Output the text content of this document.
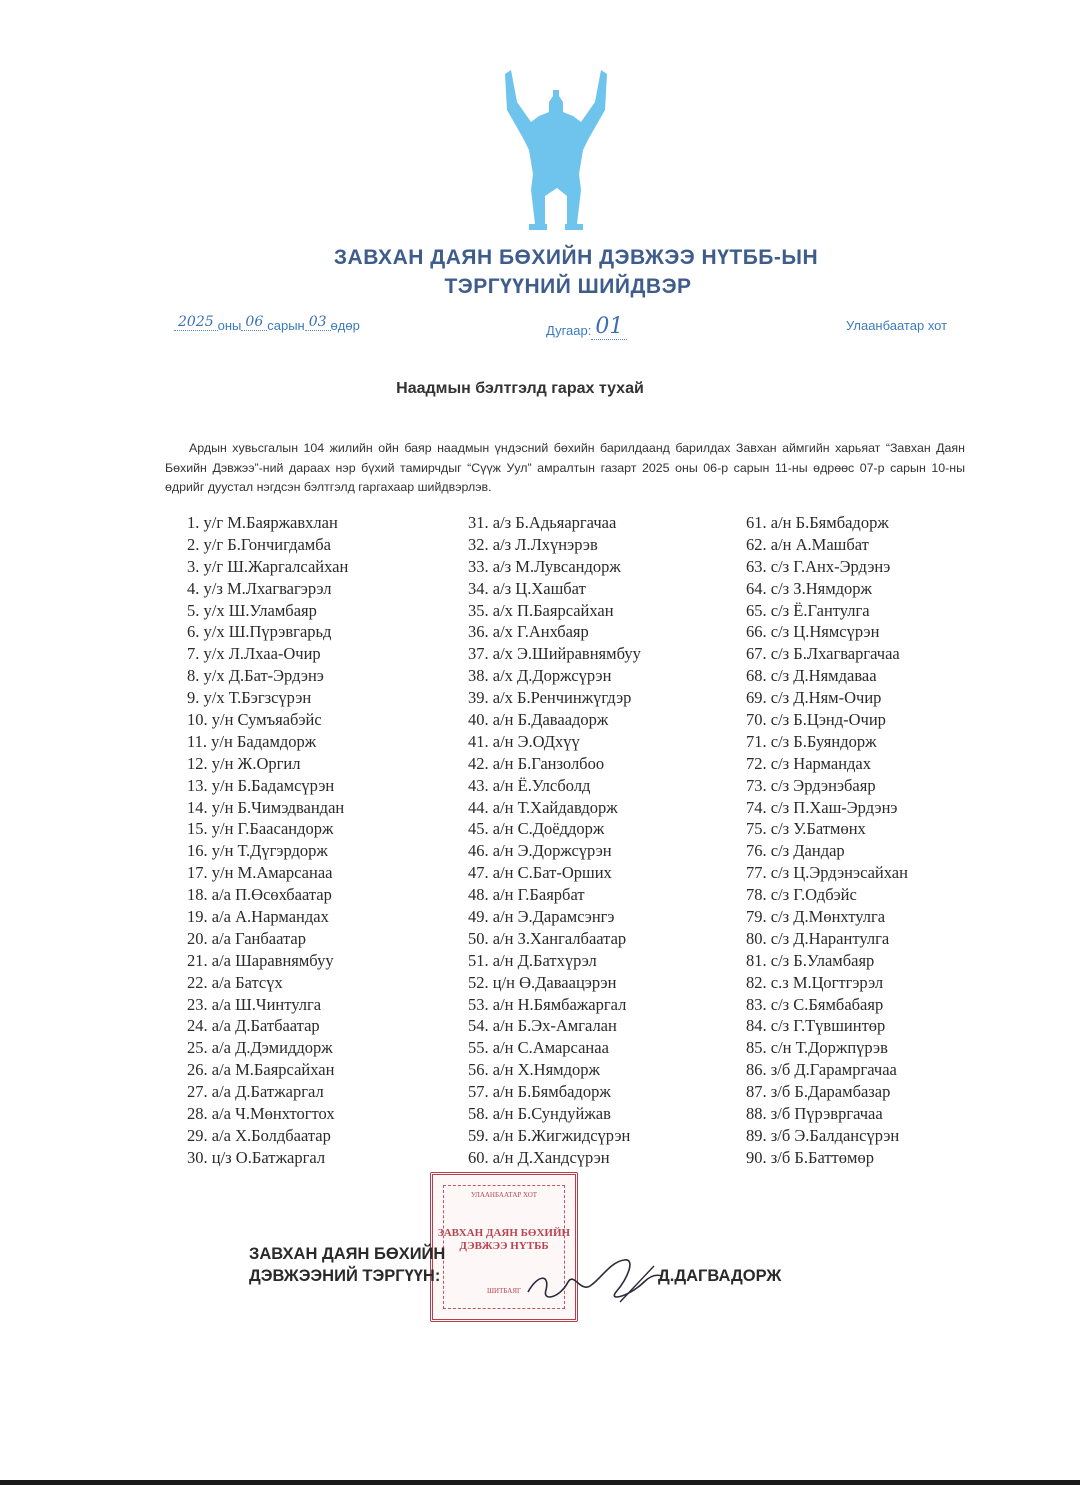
ЗАВХАН ДАЯН БӨХИЙН ДЭВЖЭЭ НҮТББ-ЫН
ТЭРГҮҮНИЙ ШИЙДВЭР
2025 оны 06 сарын 03 өдөр	Дугаар: 01	Улаанбаатар хот
Наадмын бэлтгэлд гарах тухай
Ардын хувьсгалын 104 жилийн ойн баяр наадмын үндэсний бөхийн барилдаанд барилдах Завхан аймгийн харьяат “Завхан Даян Бөхийн Дэвжээ”-ний дараах нэр бүхий тамирчдыг “Сүүж Уул” амралтын газарт 2025 оны 06-р сарын 11-ны өдрөөс 07-р сарын 10-ны өдрийг дуустал нэгдсэн бэлтгэлд гаргахаар шийдвэрлэв.
1. у/г М.Баяржавхлан
2. у/г Б.Гончигдамба
3. у/г Ш.Жаргалсайхан
4. у/з М.Лхагвагэрэл
5. у/х Ш.Уламбаяр
6. у/х Ш.Пүрэвгарьд
7. у/х Л.Лхаа-Очир
8. у/х Д.Бат-Эрдэнэ
9. у/х Т.Бэгзсүрэн
10. у/н Сумъяабэйс
11. у/н Бадамдорж
12. у/н Ж.Оргил
13. у/н Б.Бадамсүрэн
14. у/н Б.Чимэдвандан
15. у/н Г.Баасандорж
16. у/н Т.Дүгэрдорж
17. у/н М.Амарсанаа
18. а/а П.Өсөхбаатар
19. а/а А.Нармандах
20. а/а Ганбаатар
21. а/а Шаравнямбуу
22. а/а Батсүх
23. а/а Ш.Чинтулга
24. а/а Д.Батбаатар
25. а/а Д.Дэмиддорж
26. а/а М.Баярсайхан
27. а/а Д.Батжаргал
28. а/а Ч.Мөнхтогтох
29. а/а Х.Болдбаатар
30. ц/з О.Батжаргал
31. а/з Б.Адьяаргачаа
32. а/з Л.Лхүнэрэв
33. а/з М.Лувсандорж
34. а/з Ц.Хашбат
35. а/х П.Баярсайхан
36. а/х Г.Анхбаяр
37. а/х Э.Шийравнямбуу
38. а/х Д.Доржсүрэн
39. а/х Б.Ренчинжүгдэр
40. а/н Б.Даваадорж
41. а/н Э.ОДхүү
42. а/н Б.Ганзолбоо
43. а/н Ё.Улсболд
44. а/н Т.Хайдавдорж
45. а/н С.Доёддорж
46. а/н Э.Доржсүрэн
47. а/н С.Бат-Орших
48. а/н Г.Баярбат
49. а/н Э.Дарамсэнгэ
50. а/н З.Хангалбаатар
51. а/н Д.Батхүрэл
52. ц/н Ө.Даваацэрэн
53. а/н Н.Бямбажаргал
54. а/н Б.Эх-Амгалан
55. а/н С.Амарсанаа
56. а/н Х.Нямдорж
57. а/н Б.Бямбадорж
58. а/н Б.Сундуйжав
59. а/н Б.Жигжидсүрэн
60. а/н Д.Хандсүрэн
61. а/н Б.Бямбадорж
62. а/н А.Машбат
63. с/з Г.Анх-Эрдэнэ
64. с/з З.Нямдорж
65. с/з Ё.Гантулга
66. с/з Ц.Нямсүрэн
67. с/з Б.Лхагваргачаа
68. с/з Д.Нямдаваа
69. с/з Д.Ням-Очир
70. с/з Б.Цэнд-Очир
71. с/з Б.Буяндорж
72. с/з Нармандах
73. с/з Эрдэнэбаяр
74. с/з П.Хаш-Эрдэнэ
75. с/з У.Батмөнх
76. с/з Дандар
77. с/з Ц.Эрдэнэсайхан
78. с/з Г.Одбэйс
79. с/з Д.Мөнхтулга
80. с/з Д.Нарантулга
81. с/з Б.Уламбаяр
82. с.з М.Цогтгэрэл
83. с/з С.Бямбабаяр
84. с/з Г.Түвшинтөр
85. с/н Т.Доржпүрэв
86. з/б Д.Гарамргачаа
87. з/б Б.Дарамбазар
88. з/б Пүрэвргачаа
89. з/б Э.Балдансүрэн
90. з/б Б.Баттөмөр
УЛААНБААТАР ХОТ
ЗАВХАН ДАЯН БӨХИЙН ДЭВЖЭЭ НҮТББ
ШИТБАЯГ
ЗАВХАН ДАЯН БӨХИЙН
ДЭВЖЭЭНИЙ ТЭРГҮҮН:	Д.ДАГВАДОРЖ
